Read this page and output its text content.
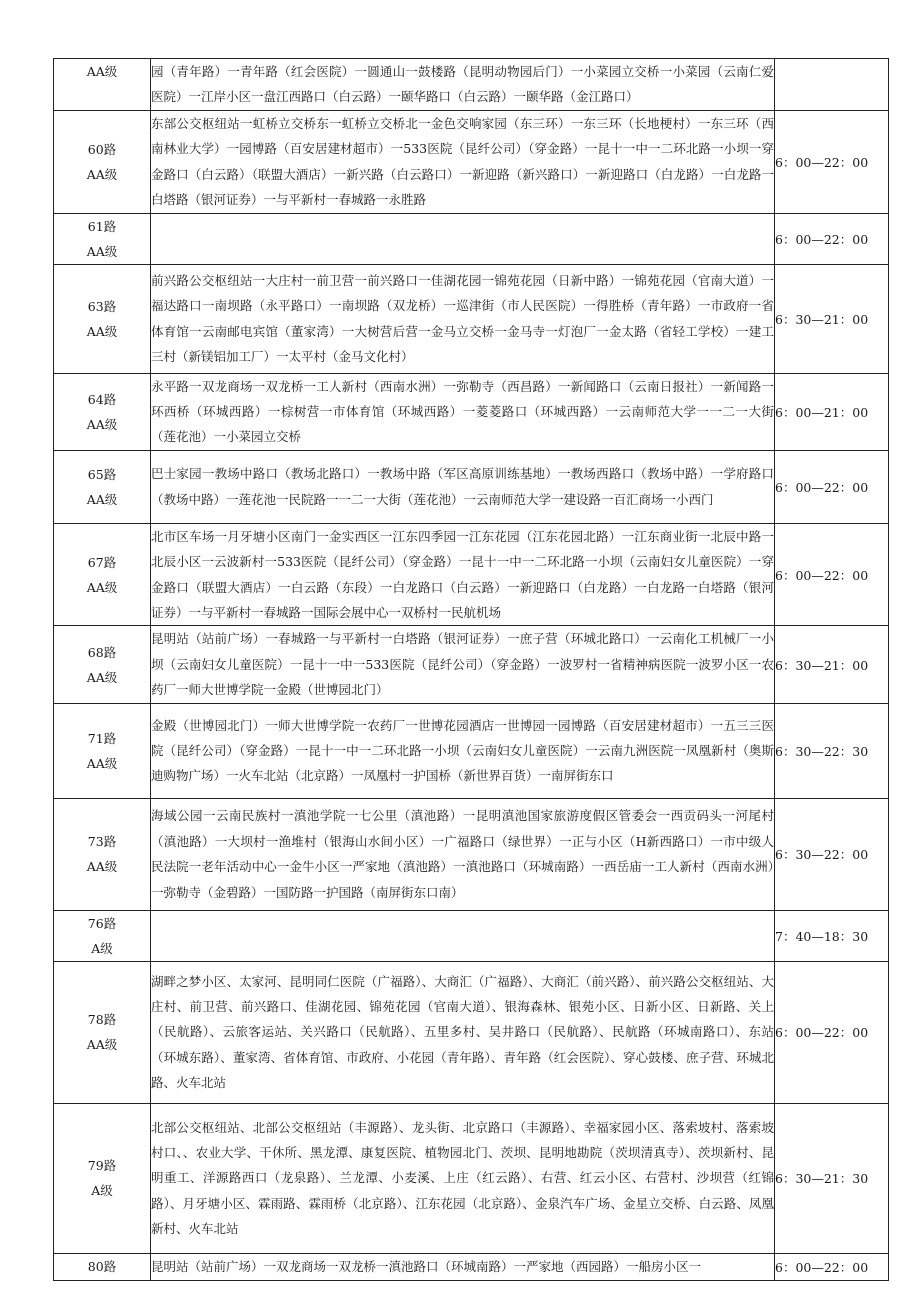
AA级	园（青年路）一青年路（红会医院）一圆通山一鼓楼路（昆明动物园后门）一小菜园立交桥一小菜园（云南仁爱医院）一江岸小区一盘江西路口（白云路）一颐华路口（白云路）一颐华路（金江路口）	

60路
AA级	东部公交枢纽站一虹桥立交桥东一虹桥立交桥北一金色交响家园（东三环）一东三环（长地梗村）一东三环（西南林业大学）一园博路（百安居建材超市）一533医院（昆纤公司）（穿金路）一昆十一中一二环北路一小坝一穿金路口（白云路）（联盟大酒店）一新兴路（白云路口）一新迎路（新兴路口）一新迎路口（白龙路）一白龙路一白塔路（银河证券）一与平新村一春城路一永胜路	6：00—22：00

61路
AA级		6：00—22：00

63路
AA级	前兴路公交枢纽站一大庄村一前卫营一前兴路口一佳湖花园一锦苑花园（日新中路）一锦苑花园（官南大道）一福达路口一南坝路（永平路口）一南坝路（双龙桥）一巡津街（市人民医院）一得胜桥（青年路）一市政府一省体育馆一云南邮电宾馆（董家湾）一大树营后营一金马立交桥一金马寺一灯泡厂一金太路（省轻工学校）一建工三村（新镁铝加工厂）一太平村（金马文化村）	6：30—21：00

64路
AA级	永平路一双龙商场一双龙桥一工人新村（西南水洲）一弥勒寺（西昌路）一新闻路口（云南日报社）一新闻路一环西桥（环城西路）一棕树营一市体育馆（环城西路）一菱菱路口（环城西路）一云南师范大学一一二一大街（莲花池）一小菜园立交桥	6：00—21：00

65路
AA级	巴士家园一教场中路口（教场北路口）一教场中路（军区高原训练基地）一教场西路口（教场中路）一学府路口（教场中路）一莲花池一民院路一一二一大街（莲花池）一云南师范大学一建设路一百汇商场一小西门	6：00—22：00

67路
AA级	北市区车场一月牙塘小区南门一金实西区一江东四季园一江东花园（江东花园北路）一江东商业街一北辰中路一北辰小区一云波新村一533医院（昆纤公司）（穿金路）一昆十一中一二环北路一小坝（云南妇女儿童医院）一穿金路口（联盟大酒店）一白云路（东段）一白龙路口（白云路）一新迎路口（白龙路）一白龙路一白塔路（银河证券）一与平新村一春城路一国际会展中心一双桥村一民航机场	6：00—22：00

68路
AA级	昆明站（站前广场）一春城路一与平新村一白塔路（银河证券）一庶子营（环城北路口）一云南化工机械厂一小坝（云南妇女儿童医院）一昆十一中一533医院（昆纤公司）（穿金路）一波罗村一省精神病医院一波罗小区一农药厂一师大世博学院一金殿（世博园北门）	6：30—21：00

71路
AA级	金殿（世博园北门）一师大世博学院一农药厂一世博花园酒店一世博园一园博路（百安居建材超市）一五三三医院（昆纤公司）（穿金路）一昆十一中一二环北路一小坝（云南妇女儿童医院）一云南九洲医院一凤凰新村（奥斯迪购物广场）一火车北站（北京路）一凤凰村一护国桥（新世界百货）一南屏街东口	6：30—22：30

73路
AA级	海域公园一云南民族村一滇池学院一七公里（滇池路）一昆明滇池国家旅游度假区管委会一西贡码头一河尾村（滇池路）一大坝村一渔堆村（银海山水间小区）一广福路口（绿世界）一正与小区（H新西路口）一市中级人民法院一老年活动中心一金牛小区一严家地（滇池路）一滇池路口（环城南路）一西岳庙一工人新村（西南水洲）一弥勒寺（金碧路）一国防路一护国路（南屏街东口南）	6：30—22：00

76路
A级		7：40—18：30

78路
AA级	湖畔之梦小区、太家河、昆明同仁医院（广福路）、大商汇（广福路）、大商汇（前兴路）、前兴路公交枢纽站、大庄村、前卫营、前兴路口、佳湖花园、锦苑花园（官南大道）、银海森林、银苑小区、日新小区、日新路、关上（民航路）、云旅客运站、关兴路口（民航路）、五里多村、吴井路口（民航路）、民航路（环城南路口）、东站（环城东路）、董家湾、省体育馆、市政府、小花园（青年路）、青年路（红会医院）、穿心鼓楼、庶子营、环城北路、火车北站	6：00—22：00

79路
A级	北部公交枢纽站、北部公交枢纽站（丰源路）、龙头街、北京路口（丰源路）、幸福家园小区、落索坡村、落索坡村口、、农业大学、干休所、黑龙潭、康复医院、植物园北门、茨坝、昆明地勘院（茨坝清真寺）、茨坝新村、昆明重工、洋源路西口（龙泉路）、兰龙潭、小麦溪、上庄（红云路）、右营、红云小区、右营村、沙坝营（红锦路）、月牙塘小区、霖雨路、霖雨桥（北京路）、江东花园（北京路）、金泉汽车广场、金星立交桥、白云路、凤凰新村、火车北站	6：30—21：30

80路	昆明站（站前广场）一双龙商场一双龙桥一滇池路口（环城南路）一严家地（西园路）一船房小区一	6：00—22：00
